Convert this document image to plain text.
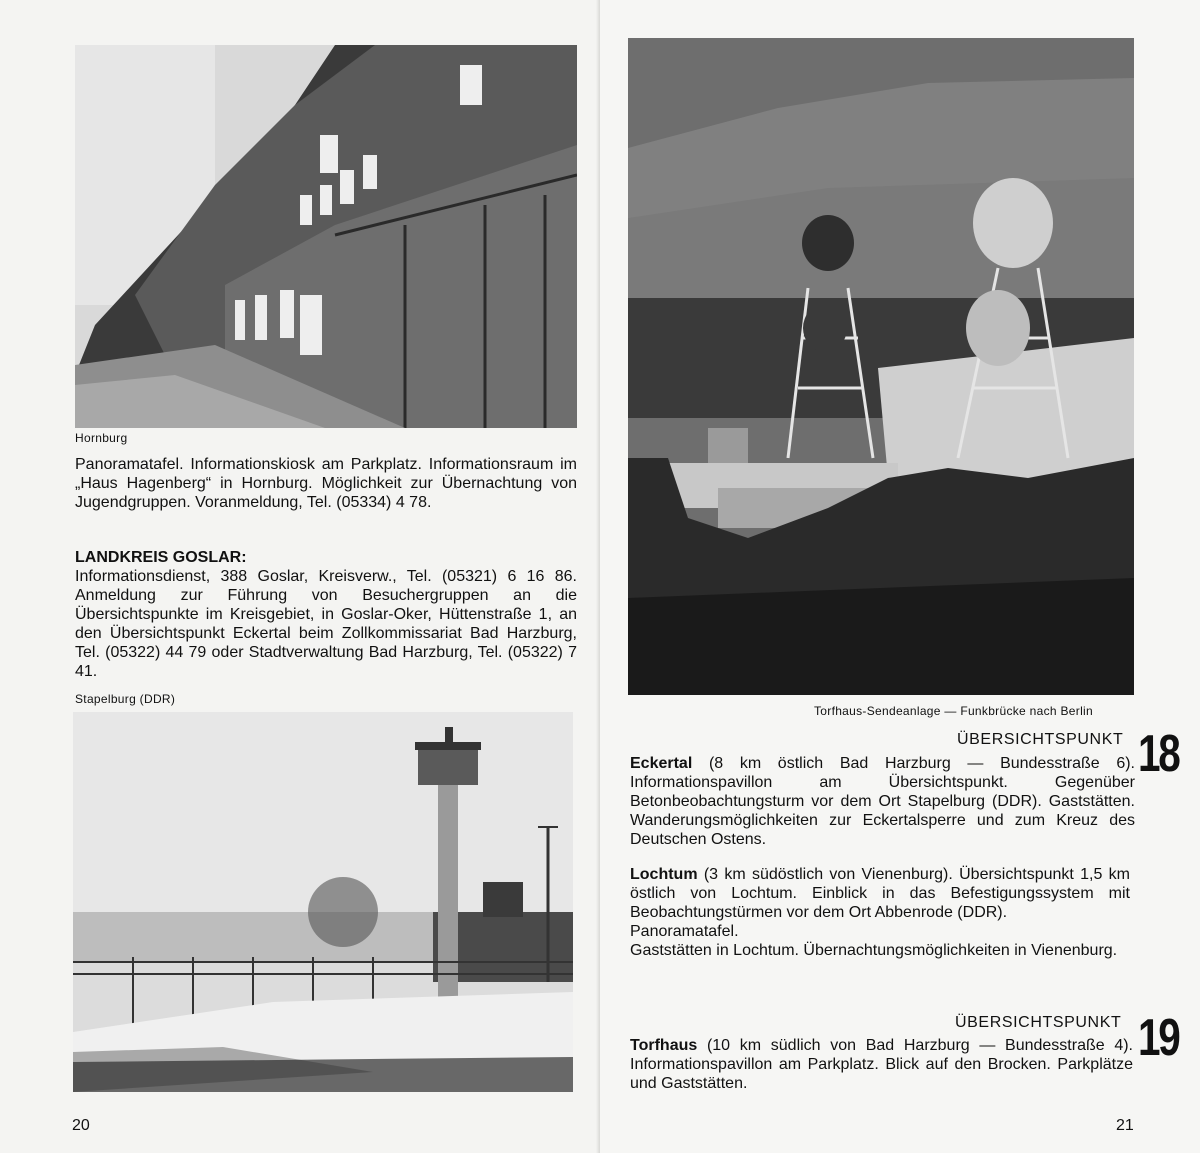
Hornburg

Panoramatafel. Informationskiosk am Parkplatz. Informationsraum im „Haus Hagenberg“ in Hornburg. Möglichkeit zur Übernachtung von Jugendgruppen. Voranmeldung, Tel. (05334) 4 78.

LANDKREIS GOSLAR:

Informationsdienst, 388 Goslar, Kreisverw., Tel. (05321) 6 16 86. Anmeldung zur Führung von Besuchergruppen an die Übersichtspunkte im Kreisgebiet, in Goslar-Oker, Hüttenstraße 1, an den Übersichtspunkt Eckertal beim Zollkommissariat Bad Harzburg, Tel. (05322) 44 79 oder Stadtverwaltung Bad Harzburg, Tel. (05322) 7 41.

Stapelburg (DDR)
20
Torfhaus-Sendeanlage — Funkbrücke nach Berlin
ÜBERSICHTSPUNKT 18

Eckertal (8 km östlich Bad Harzburg — Bundesstraße 6). Informationspavillon am Übersichtspunkt. Gegenüber Betonbeobachtungsturm vor dem Ort Stapelburg (DDR). Gaststätten. Wanderungsmöglichkeiten zur Eckertalsperre und zum Kreuz des Deutschen Ostens.

Lochtum (3 km südöstlich von Vienenburg). Übersichtspunkt 1,5 km östlich von Lochtum. Einblick in das Befestigungssystem mit Beobachtungstürmen vor dem Ort Abbenrode (DDR).

Panoramatafel.

Gaststätten in Lochtum. Übernachtungsmöglichkeiten in Vienenburg.

ÜBERSICHTSPUNKT 19

Torfhaus (10 km südlich von Bad Harzburg — Bundesstraße 4). Informationspavillon am Parkplatz. Blick auf den Brocken. Parkplätze und Gaststätten.

21
